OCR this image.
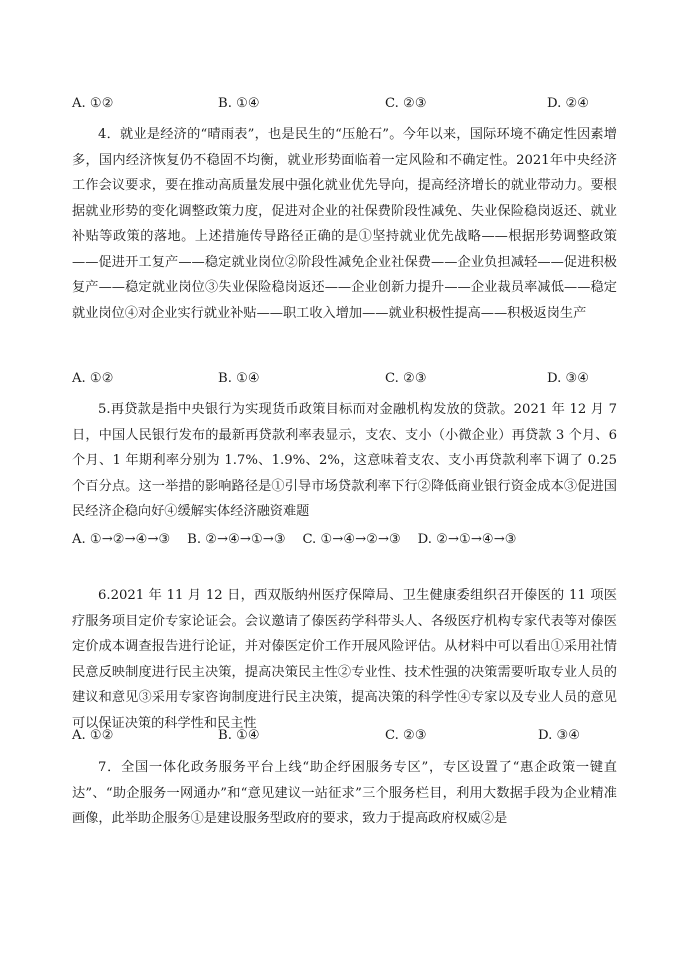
A. ①②	B. ①④	C. ②③	D. ②④
4．就业是经济的“晴雨表”，也是民生的“压舱石”。今年以来，国际环境不确定性因素增多，国内经济恢复仍不稳固不均衡，就业形势面临着一定风险和不确定性。2021年中央经济工作会议要求，要在推动高质量发展中强化就业优先导向，提高经济增长的就业带动力。要根据就业形势的变化调整政策力度，促进对企业的社保费阶段性减免、失业保险稳岗返还、就业补贴等政策的落地。上述措施传导路径正确的是①坚持就业优先战略——根据形势调整政策——促进开工复产——稳定就业岗位②阶段性减免企业社保费——企业负担减轻——促进积极复产——稳定就业岗位③失业保险稳岗返还——企业创新力提升——企业裁员率减低——稳定就业岗位④对企业实行就业补贴——职工收入增加——就业积极性提高——积极返岗生产
A. ①②	B. ①④	C. ②③	D. ③④
5.再贷款是指中央银行为实现货币政策目标而对金融机构发放的贷款。2021 年 12 月 7 日，中国人民银行发布的最新再贷款利率表显示，支农、支小（小微企业）再贷款 3 个月、6 个月、1 年期利率分别为 1.7%、1.9%、2%，这意味着支农、支小再贷款利率下调了 0.25 个百分点。这一举措的影响路径是①引导市场贷款利率下行②降低商业银行资金成本③促进国民经济企稳向好④缓解实体经济融资难题
A. ①→②→④→③ B. ②→④→①→③ C. ①→④→②→③ D. ②→①→④→③
6.2021 年 11 月 12 日，西双版纳州医疗保障局、卫生健康委组织召开傣医的 11 项医疗服务项目定价专家论证会。会议邀请了傣医药学科带头人、各级医疗机构专家代表等对傣医定价成本调查报告进行论证，并对傣医定价工作开展风险评估。从材料中可以看出①采用社情民意反映制度进行民主决策，提高决策民主性②专业性、技术性强的决策需要听取专业人员的建议和意见③采用专家咨询制度进行民主决策，提高决策的科学性④专家以及专业人员的意见可以保证决策的科学性和民主性
A. ①②	B. ①④	C. ②③	D. ③④
7．全国一体化政务服务平台上线“助企纾困服务专区”，专区设置了“惠企政策一键直达”、“助企服务一网通办”和“意见建议一站征求”三个服务栏目，利用大数据手段为企业精准画像，此举助企服务①是建设服务型政府的要求，致力于提高政府权威②是
